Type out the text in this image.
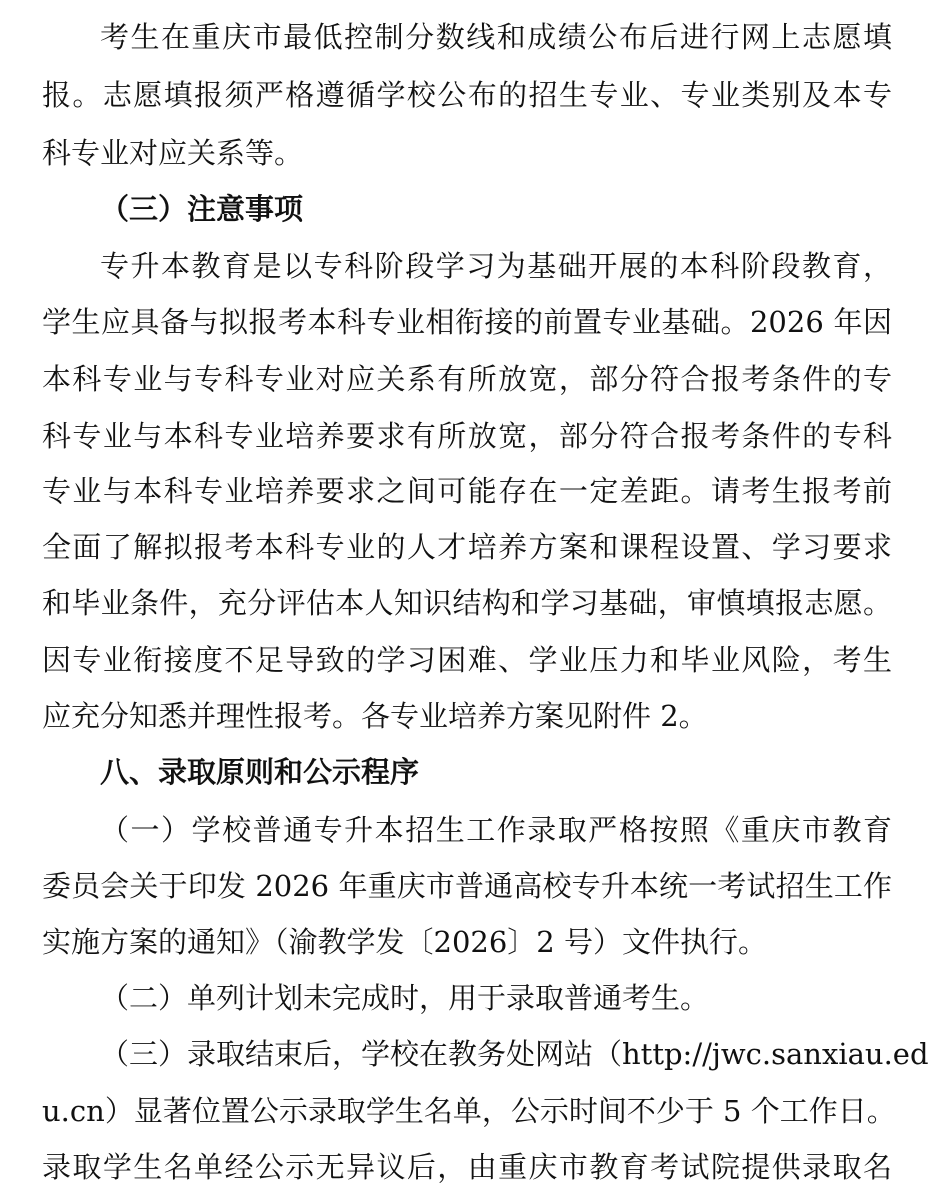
考生在重庆市最低控制分数线和成绩公布后进行网上志愿填
报。志愿填报须严格遵循学校公布的招生专业、专业类别及本专
科专业对应关系等。
（三）注意事项
专升本教育是以专科阶段学习为基础开展的本科阶段教育，
学生应具备与拟报考本科专业相衔接的前置专业基础。2026 年因
本科专业与专科专业对应关系有所放宽，部分符合报考条件的专
科专业与本科专业培养要求有所放宽，部分符合报考条件的专科
专业与本科专业培养要求之间可能存在一定差距。请考生报考前
全面了解拟报考本科专业的人才培养方案和课程设置、学习要求
和毕业条件，充分评估本人知识结构和学习基础，审慎填报志愿。
因专业衔接度不足导致的学习困难、学业压力和毕业风险，考生
应充分知悉并理性报考。各专业培养方案见附件 2。
八、录取原则和公示程序
（一）学校普通专升本招生工作录取严格按照《重庆市教育
委员会关于印发 2026 年重庆市普通高校专升本统一考试招生工作
实施方案的通知》（渝教学发〔2026〕2 号）文件执行。
（二）单列计划未完成时，用于录取普通考生。
（三）录取结束后，学校在教务处网站（http://jwc.sanxiau.ed
u.cn）显著位置公示录取学生名单，公示时间不少于 5 个工作日。
录取学生名单经公示无异议后，由重庆市教育考试院提供录取名
